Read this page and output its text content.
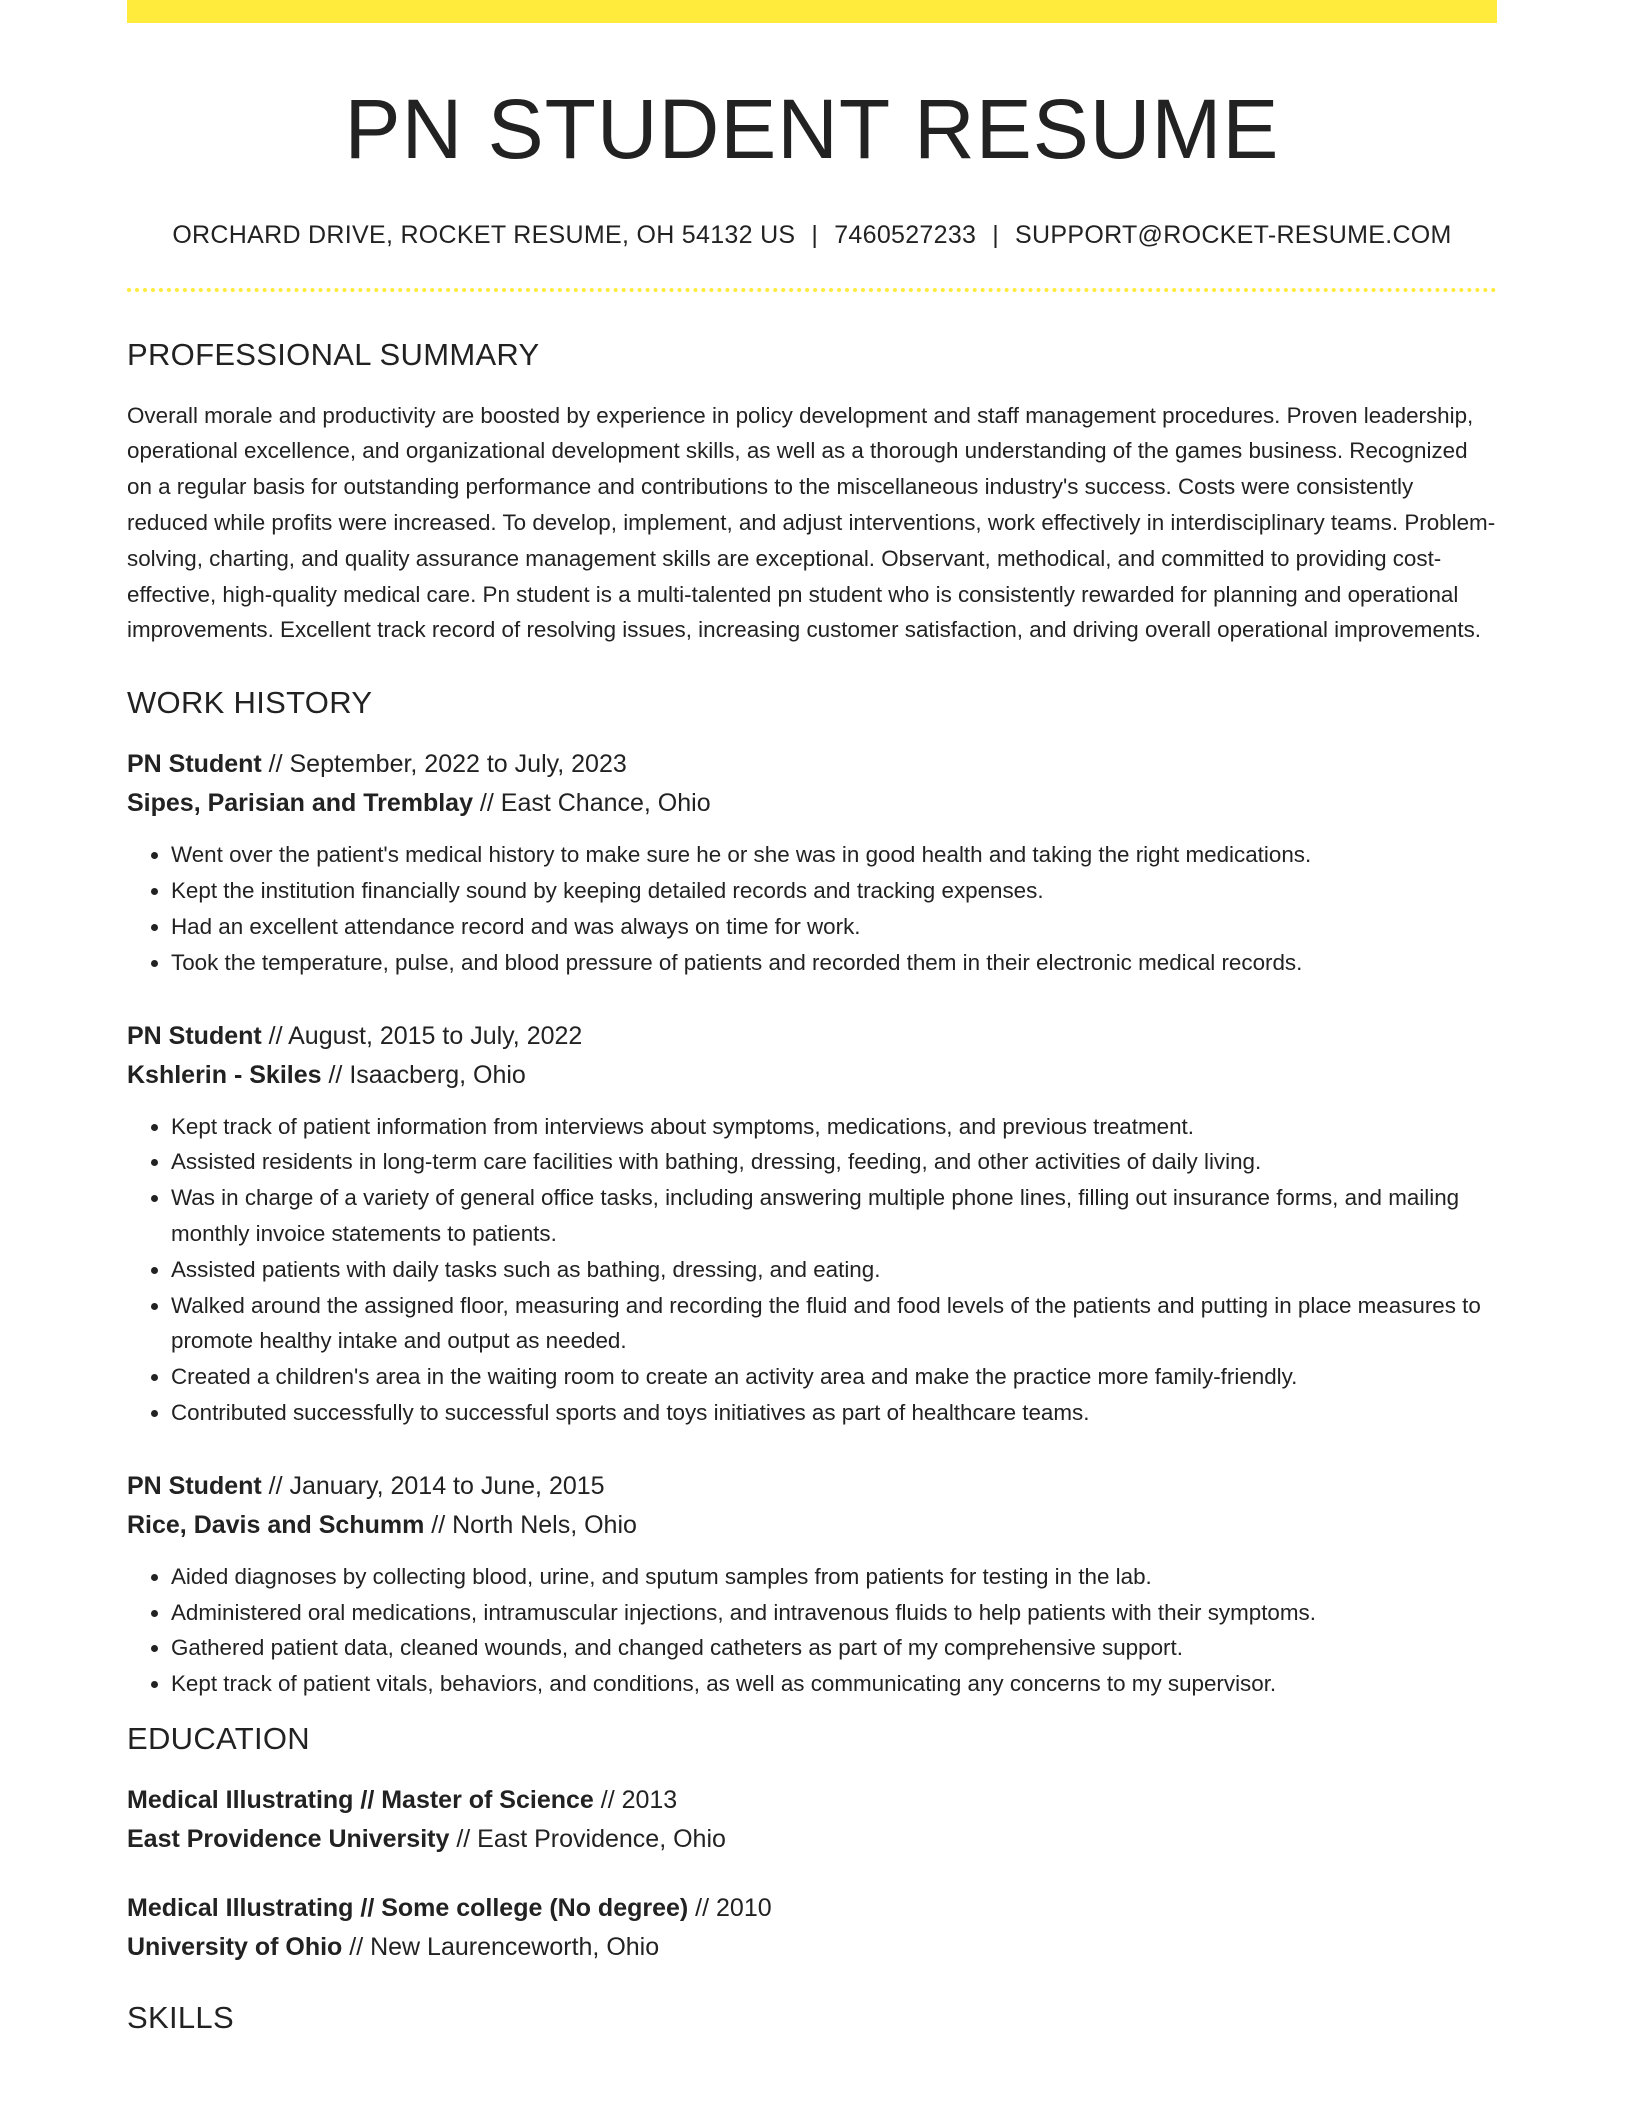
PN STUDENT RESUME
ORCHARD DRIVE, ROCKET RESUME, OH 54132 US | 7460527233 | SUPPORT@ROCKET-RESUME.COM
PROFESSIONAL SUMMARY

Overall morale and productivity are boosted by experience in policy development and staff management procedures. Proven leadership, operational excellence, and organizational development skills, as well as a thorough understanding of the games business. Recognized on a regular basis for outstanding performance and contributions to the miscellaneous industry's success. Costs were consistently reduced while profits were increased. To develop, implement, and adjust interventions, work effectively in interdisciplinary teams. Problem-solving, charting, and quality assurance management skills are exceptional. Observant, methodical, and committed to providing cost-effective, high-quality medical care. Pn student is a multi-talented pn student who is consistently rewarded for planning and operational improvements. Excellent track record of resolving issues, increasing customer satisfaction, and driving overall operational improvements.

WORK HISTORY
PN Student // September, 2022 to July, 2023
Sipes, Parisian and Tremblay // East Chance, Ohio
• Went over the patient's medical history to make sure he or she was in good health and taking the right medications.
• Kept the institution financially sound by keeping detailed records and tracking expenses.
• Had an excellent attendance record and was always on time for work.
• Took the temperature, pulse, and blood pressure of patients and recorded them in their electronic medical records.
PN Student // August, 2015 to July, 2022
Kshlerin - Skiles // Isaacberg, Ohio
• Kept track of patient information from interviews about symptoms, medications, and previous treatment.
• Assisted residents in long-term care facilities with bathing, dressing, feeding, and other activities of daily living.
• Was in charge of a variety of general office tasks, including answering multiple phone lines, filling out insurance forms, and mailing monthly invoice statements to patients.
• Assisted patients with daily tasks such as bathing, dressing, and eating.
• Walked around the assigned floor, measuring and recording the fluid and food levels of the patients and putting in place measures to promote healthy intake and output as needed.
• Created a children's area in the waiting room to create an activity area and make the practice more family-friendly.
• Contributed successfully to successful sports and toys initiatives as part of healthcare teams.
PN Student // January, 2014 to June, 2015
Rice, Davis and Schumm // North Nels, Ohio
• Aided diagnoses by collecting blood, urine, and sputum samples from patients for testing in the lab.
• Administered oral medications, intramuscular injections, and intravenous fluids to help patients with their symptoms.
• Gathered patient data, cleaned wounds, and changed catheters as part of my comprehensive support.
• Kept track of patient vitals, behaviors, and conditions, as well as communicating any concerns to my supervisor.
EDUCATION
Medical Illustrating // Master of Science // 2013
East Providence University // East Providence, Ohio
Medical Illustrating // Some college (No degree) // 2010
University of Ohio // New Laurenceworth, Ohio
SKILLS
